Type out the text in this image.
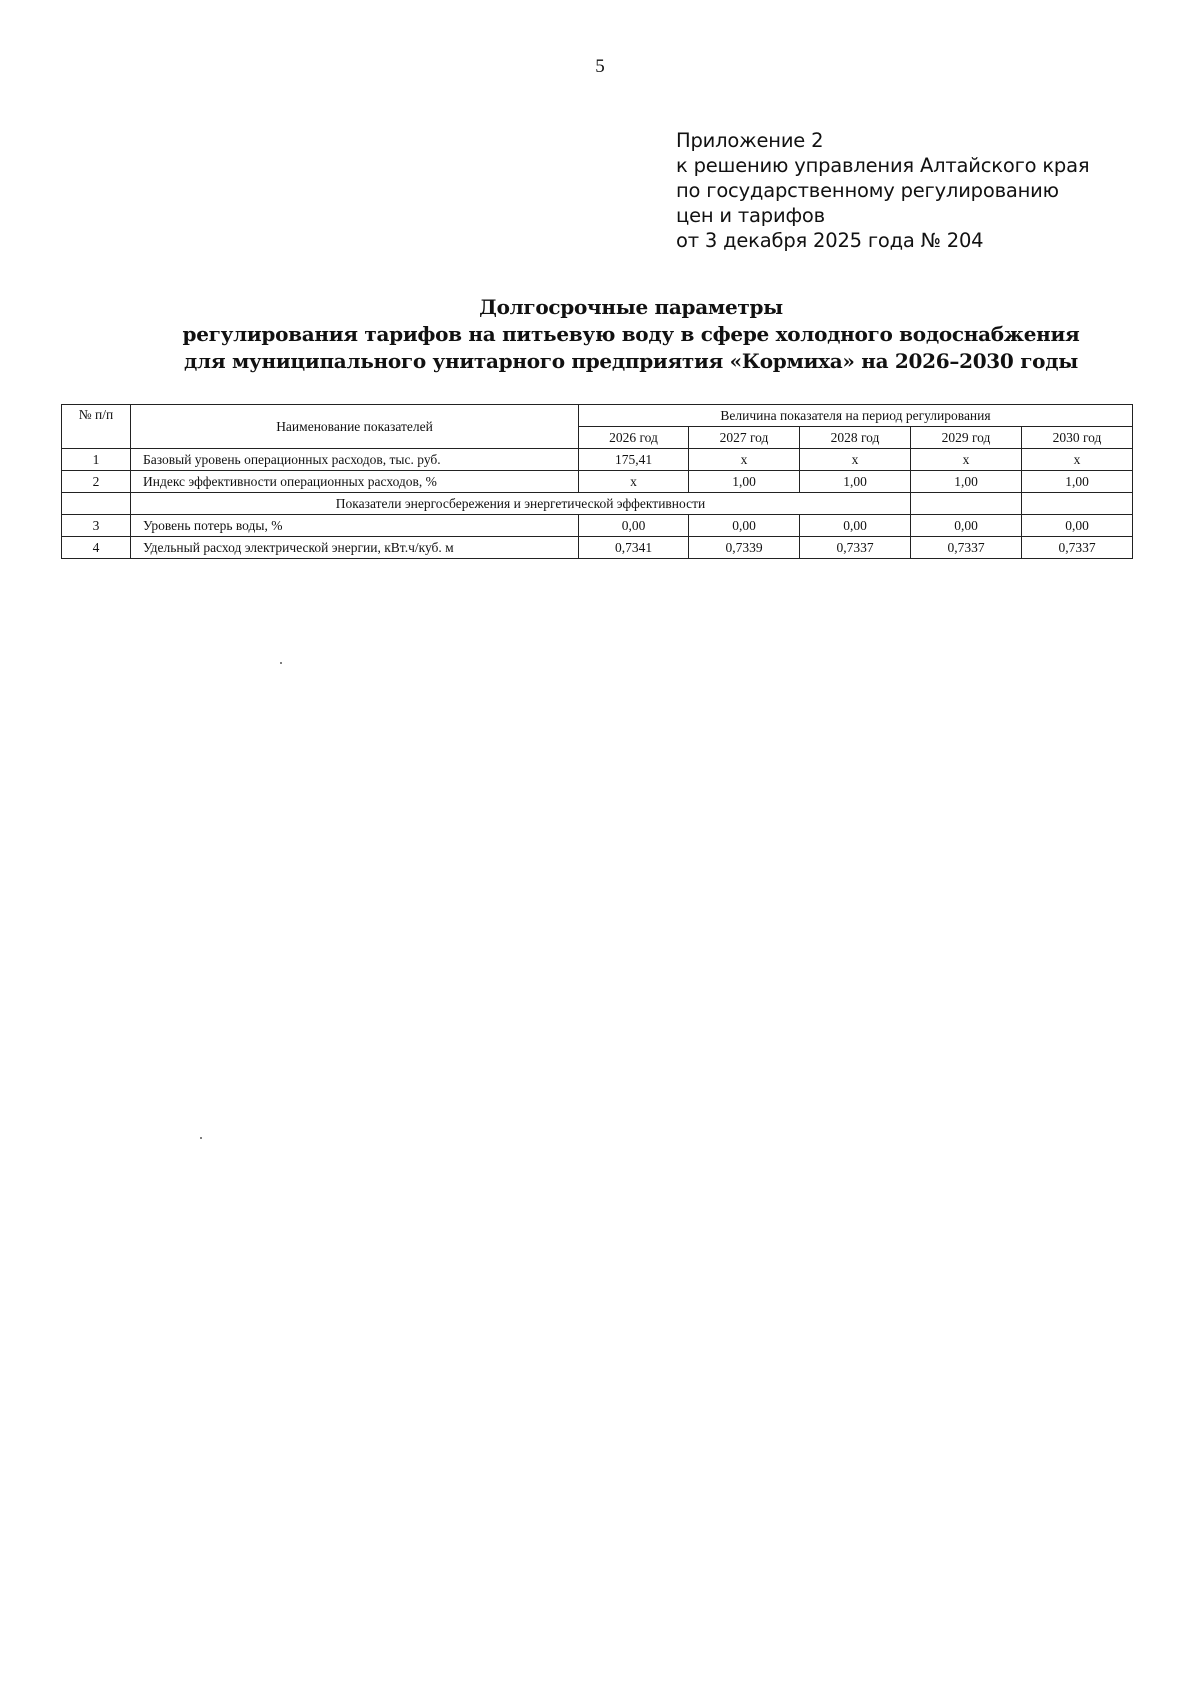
5
Приложение 2
к решению управления Алтайского края
по государственному регулированию
цен и тарифов
от 3 декабря 2025 года № 204
Долгосрочные параметры
регулирования тарифов на питьевую воду в сфере холодного водоснабжения
для муниципального унитарного предприятия «Кормиха» на 2026–2030 годы
№ п/п	Наименование показателей	Величина показателя на период регулирования				
		2026 год	2027 год	2028 год	2029 год	2030 год
1	Базовый уровень операционных расходов, тыс. руб.	175,41	x	x	x	x
2	Индекс эффективности операционных расходов, %	x	1,00	1,00	1,00	1,00
	Показатели энергосбережения и энергетической эффективности					
3	Уровень потерь воды, %	0,00	0,00	0,00	0,00	0,00
4	Удельный расход электрической энергии, кВт.ч/куб. м	0,7341	0,7339	0,7337	0,7337	0,7337
